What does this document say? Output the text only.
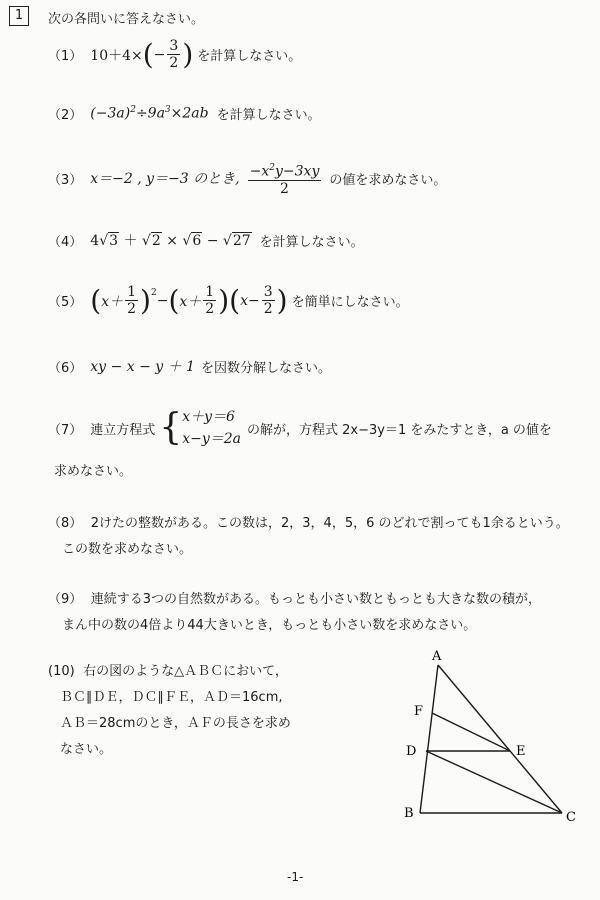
1	次の各問いに答えなさい。
（1） 10＋4× ( − $\frac{3}{2}$ ) を計算しなさい。
（2） $(-3a)^2\div 9a^3\times 2ab$ を計算しなさい。
（3） x＝−2 , y＝−3 のとき, $\frac{-x^2y-3xy}{2}$ の値を求めなさい。
（4） 4√3 ＋ √2 × √6 − √27 を計算しなさい。
（5） ( $x+ \frac{1}{2} )^2$ − ( $x+ \frac{1}{2}$ ) ( $x- \frac{3}{2}$ ) を簡単にしなさい。
（6） xy − x − y ＋ 1 を因数分解しなさい。
（7） 連立方程式 { x＋y＝6
x−y＝2a
の解が，方程式 2x−3y＝1 をみたすとき，a の値を
求めなさい。
（8） 2けたの整数がある。この数は，2，3，4，5，6 のどれで割っても1余るという。
この数を求めなさい。
（9） 連続する3つの自然数がある。もっとも小さい数ともっとも大きな数の積が，
まん中の数の4倍より44大きいとき，もっとも小さい数を求めなさい。
(10) 右の図のような△ＡＢＣにおいて，
ＢＣ∥ＤＥ，ＤＣ∥ＦＥ，ＡＤ＝16cm,
ＡＢ＝28cmのとき，ＡＦの長さを求め
なさい。
A
B	C
D	E
F
-1-
